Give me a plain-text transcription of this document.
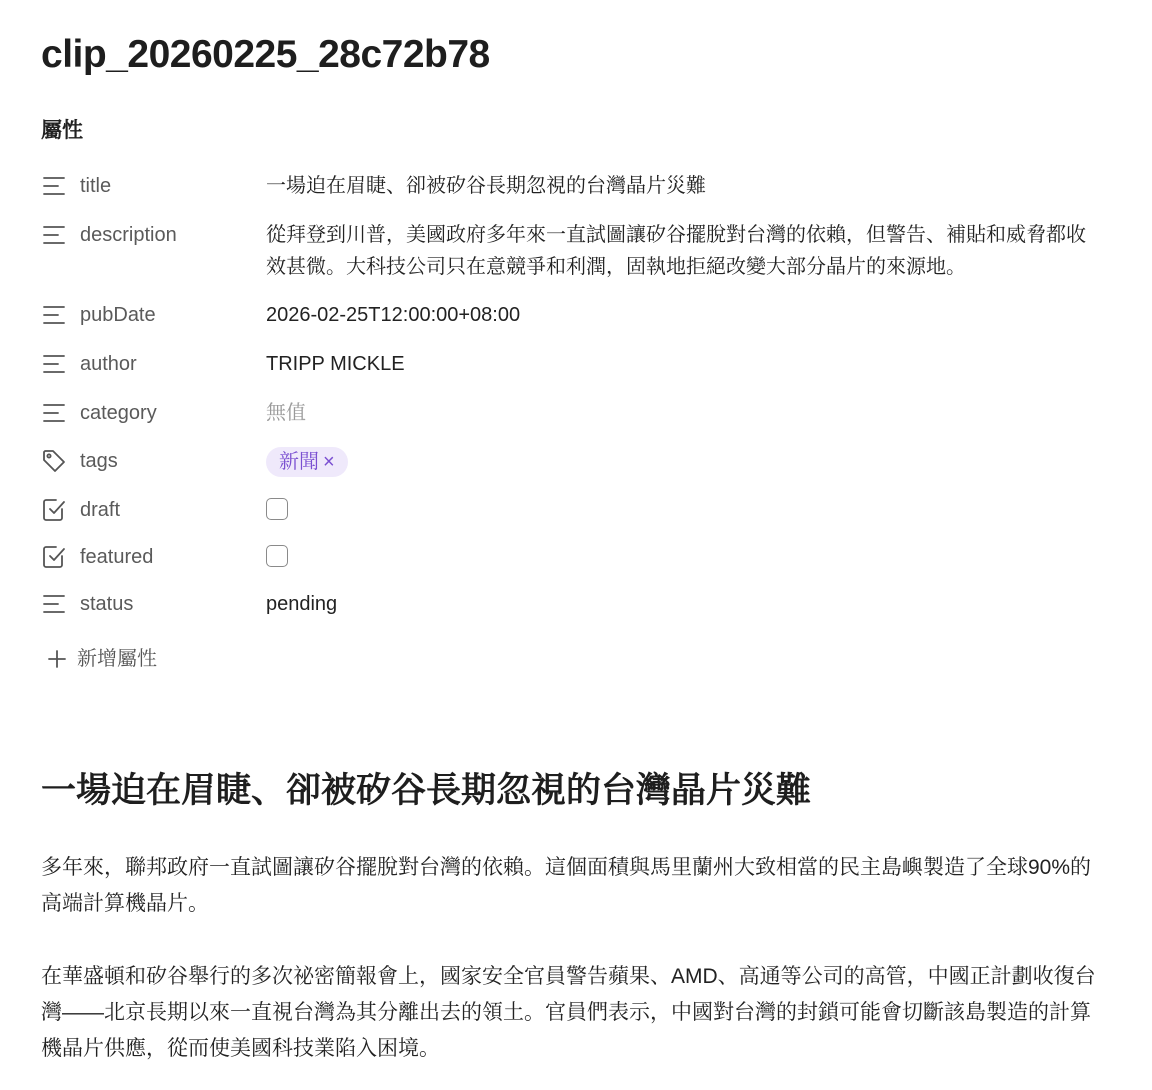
clip_20260225_28c72b78
屬性
title	一場迫在眉睫、卻被矽谷長期忽視的台灣晶片災難
description	從拜登到川普，美國政府多年來一直試圖讓矽谷擺脫對台灣的依賴，但警告、補貼和威脅都收效甚微。大科技公司只在意競爭和利潤，固執地拒絕改變大部分晶片的來源地。
pubDate	2026-02-25T12:00:00+08:00
author	TRIPP MICKLE
category	無值
tags	新聞 ×
draft
featured
status	pending
新增屬性
一場迫在眉睫、卻被矽谷長期忽視的台灣晶片災難

多年來，聯邦政府一直試圖讓矽谷擺脫對台灣的依賴。這個面積與馬里蘭州大致相當的民主島嶼製造了全球90%的高端計算機晶片。

在華盛頓和矽谷舉行的多次祕密簡報會上，國家安全官員警告蘋果、AMD、高通等公司的高管，中國正計劃收復台灣——北京長期以來一直視台灣為其分離出去的領土。官員們表示，中國對台灣的封鎖可能會切斷該島製造的計算機晶片供應，從而使美國科技業陷入困境。
